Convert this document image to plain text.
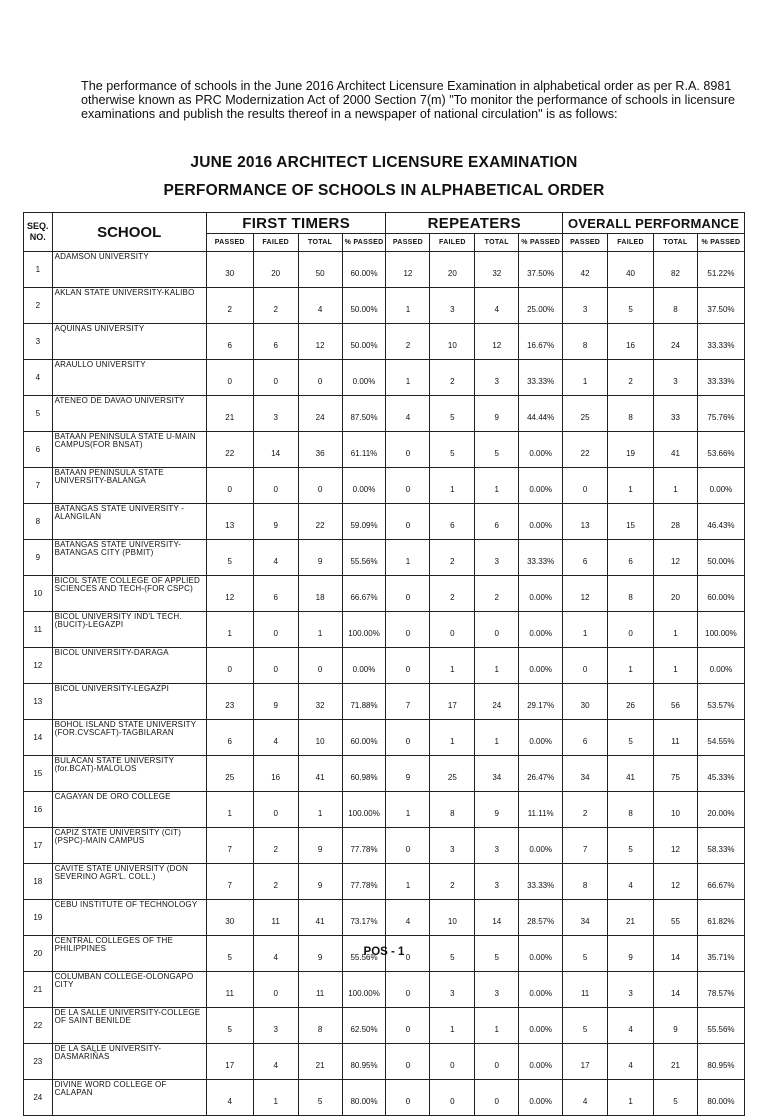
The performance of schools in the June 2016 Architect Licensure Examination in alphabetical order as per R.A. 8981 otherwise known as PRC Modernization Act of 2000 Section 7(m) "To monitor the performance of schools in licensure examinations and publish the results thereof in a newspaper of national circulation" is as follows:
JUNE 2016 ARCHITECT LICENSURE EXAMINATION
PERFORMANCE OF SCHOOLS IN ALPHABETICAL ORDER
SEQ. NO.	SCHOOL	FIRST TIMERS				REPEATERS				OVERALL PERFORMANCE			
		PASSED	FAILED	TOTAL	% PASSED	PASSED	FAILED	TOTAL	% PASSED	PASSED	FAILED	TOTAL	% PASSED
1	ADAMSON UNIVERSITY	30	20	50	60.00%	12	20	32	37.50%	42	40	82	51.22%
2	AKLAN STATE UNIVERSITY-KALIBO	2	2	4	50.00%	1	3	4	25.00%	3	5	8	37.50%
3	AQUINAS UNIVERSITY	6	6	12	50.00%	2	10	12	16.67%	8	16	24	33.33%
4	ARAULLO UNIVERSITY	0	0	0	0.00%	1	2	3	33.33%	1	2	3	33.33%
5	ATENEO DE DAVAO UNIVERSITY	21	3	24	87.50%	4	5	9	44.44%	25	8	33	75.76%
6	BATAAN PENINSULA STATE U-MAIN CAMPUS(FOR BNSAT)	22	14	36	61.11%	0	5	5	0.00%	22	19	41	53.66%
7	BATAAN PENINSULA STATE UNIVERSITY-BALANGA	0	0	0	0.00%	0	1	1	0.00%	0	1	1	0.00%
8	BATANGAS STATE UNIVERSITY -ALANGILAN	13	9	22	59.09%	0	6	6	0.00%	13	15	28	46.43%
9	BATANGAS STATE UNIVERSITY-BATANGAS CITY (PBMIT)	5	4	9	55.56%	1	2	3	33.33%	6	6	12	50.00%
10	BICOL STATE COLLEGE OF APPLIED SCIENCES AND TECH-(FOR CSPC)	12	6	18	66.67%	0	2	2	0.00%	12	8	20	60.00%
11	BICOL UNIVERSITY IND'L TECH.(BUCIT)-LEGAZPI	1	0	1	100.00%	0	0	0	0.00%	1	0	1	100.00%
12	BICOL UNIVERSITY-DARAGA	0	0	0	0.00%	0	1	1	0.00%	0	1	1	0.00%
13	BICOL UNIVERSITY-LEGAZPI	23	9	32	71.88%	7	17	24	29.17%	30	26	56	53.57%
14	BOHOL ISLAND STATE UNIVERSITY (FOR.CVSCAFT)-TAGBILARAN	6	4	10	60.00%	0	1	1	0.00%	6	5	11	54.55%
15	BULACAN STATE UNIVERSITY (for.BCAT)-MALOLOS	25	16	41	60.98%	9	25	34	26.47%	34	41	75	45.33%
16	CAGAYAN DE ORO COLLEGE	1	0	1	100.00%	1	8	9	11.11%	2	8	10	20.00%
17	CAPIZ STATE UNIVERSITY (CIT)(PSPC)-MAIN CAMPUS	7	2	9	77.78%	0	3	3	0.00%	7	5	12	58.33%
18	CAVITE STATE UNIVERSITY (DON SEVERINO AGR'L. COLL.)	7	2	9	77.78%	1	2	3	33.33%	8	4	12	66.67%
19	CEBU INSTITUTE OF TECHNOLOGY	30	11	41	73.17%	4	10	14	28.57%	34	21	55	61.82%
20	CENTRAL COLLEGES OF THE PHILIPPINES	5	4	9	55.56%	0	5	5	0.00%	5	9	14	35.71%
21	COLUMBAN COLLEGE-OLONGAPO CITY	11	0	11	100.00%	0	3	3	0.00%	11	3	14	78.57%
22	DE LA SALLE UNIVERSITY-COLLEGE OF SAINT BENILDE	5	3	8	62.50%	0	1	1	0.00%	5	4	9	55.56%
23	DE LA SALLE UNIVERSITY-DASMARIÑAS	17	4	21	80.95%	0	0	0	0.00%	17	4	21	80.95%
24	DIVINE WORD COLLEGE OF CALAPAN	4	1	5	80.00%	0	0	0	0.00%	4	1	5	80.00%
POS - 1
